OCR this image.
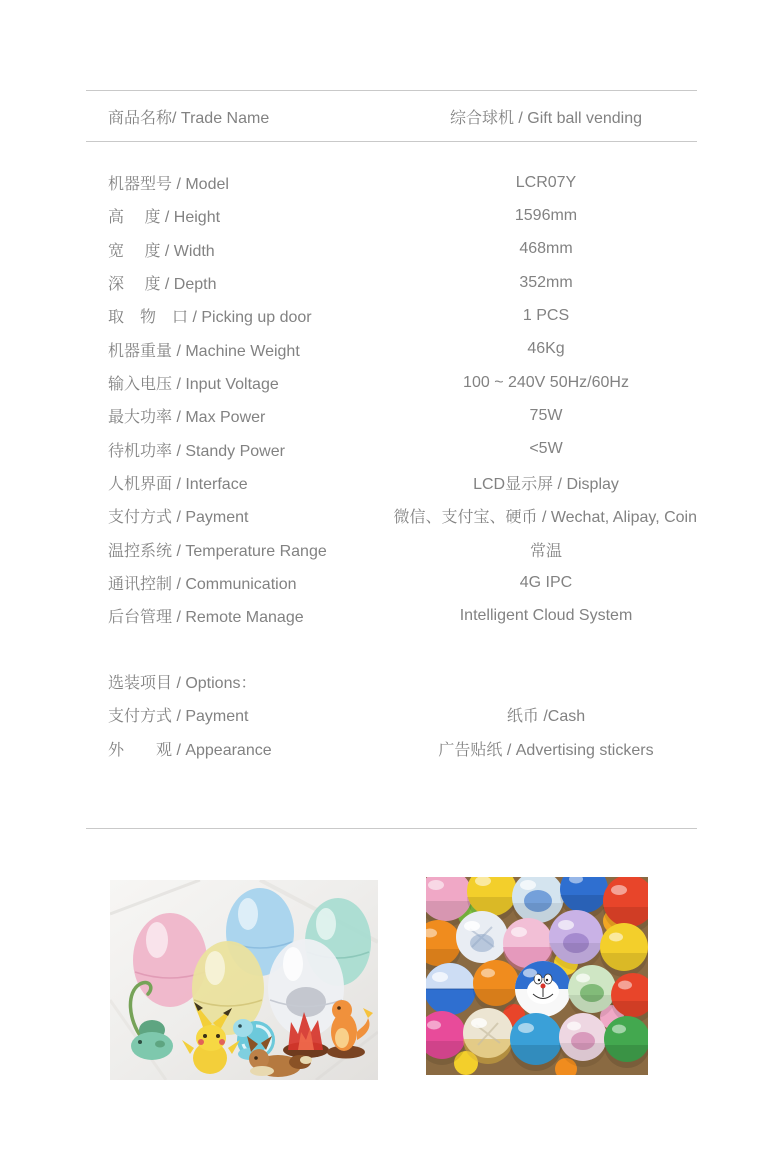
商品名称/ Trade Name	综合球机 / Gift ball vending
机器型号 / Model	LCR07Y
高　 度 / Height	1596mm
宽　 度 / Width	468mm
深　 度 / Depth	352mm
取　物　口 / Picking up door	1 PCS
机器重量 / Machine Weight	46Kg
输入电压 / Input Voltage	100 ~ 240V 50Hz/60Hz
最大功率 / Max Power	75W
待机功率 / Standy Power	<5W
人机界面 / Interface	LCD显示屏 / Display
支付方式 / Payment	微信、支付宝、硬币 / Wechat, Alipay, Coin
温控系统 / Temperature Range	常温
通讯控制 / Communication	4G IPC
后台管理 / Remote Manage	Intelligent Cloud System
选装项目 / Options：
支付方式 / Payment	纸币 /Cash
外　　观 / Appearance	广告贴纸 / Advertising stickers
